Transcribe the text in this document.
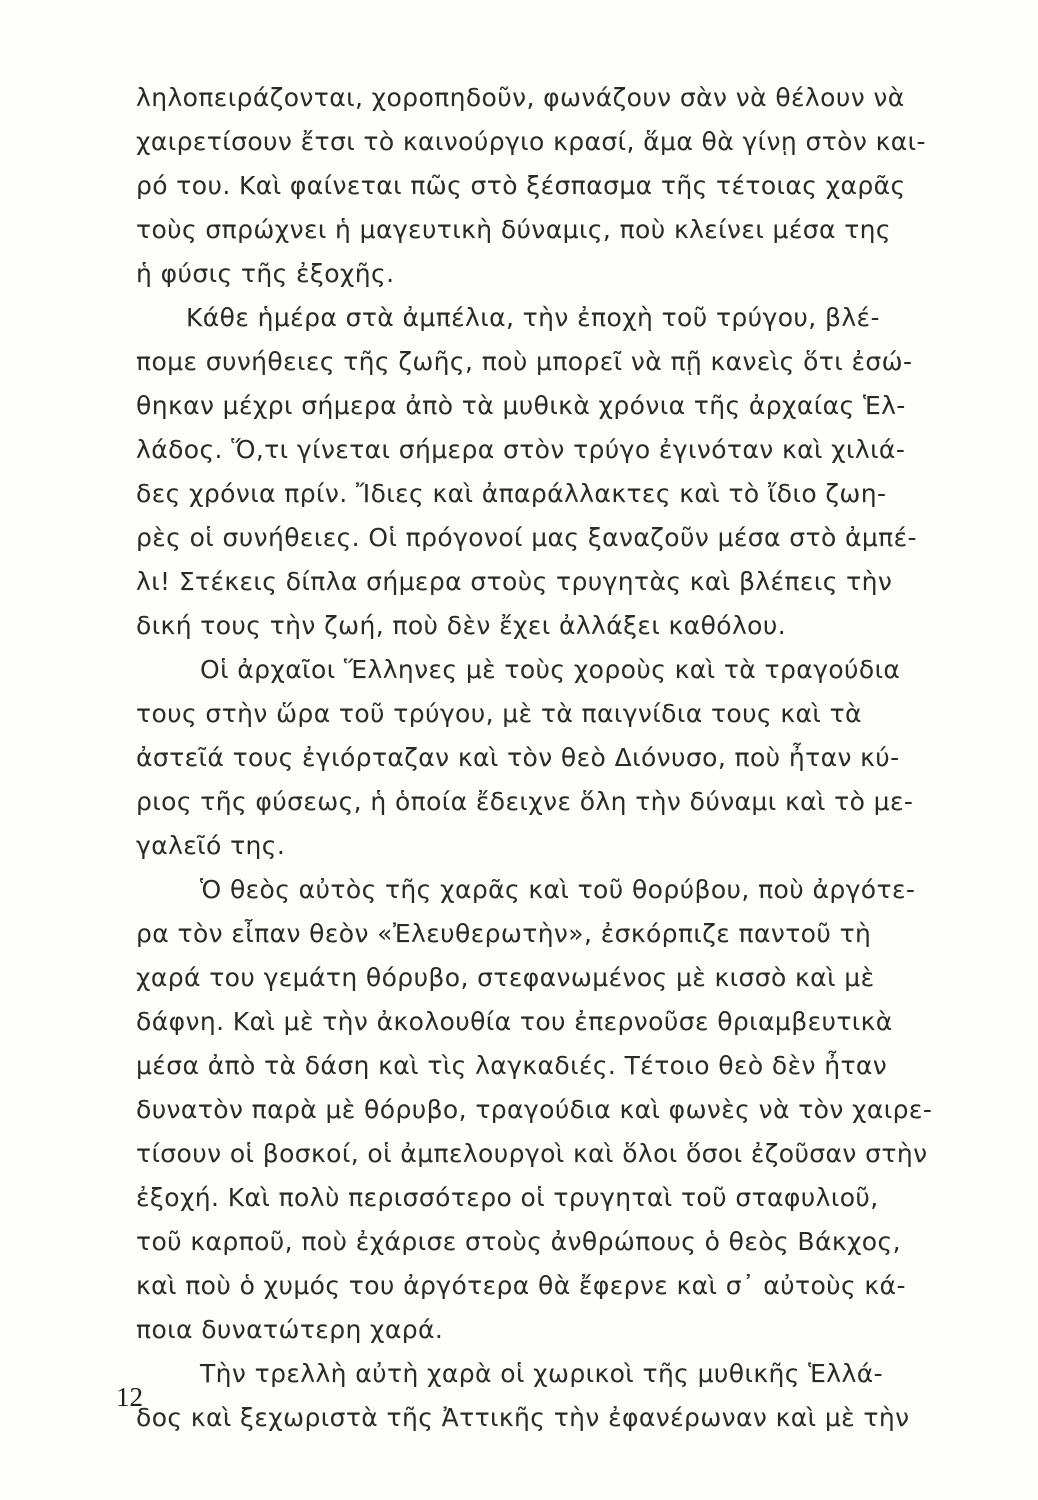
ληλοπειράζονται, χοροπηδοῦν, φωνάζουν σὰν νὰ θέλουν νὰ
χαιρετίσουν ἔτσι τὸ καινούργιο κρασί, ἅμα θὰ γίνῃ στὸν και-
ρό του. Καὶ φαίνεται πῶς στὸ ξέσπασμα τῆς τέτοιας χαρᾶς
τοὺς σπρώχνει ἡ μαγευτικὴ δύναμις, ποὺ κλείνει μέσα της
ἡ φύσις τῆς ἐξοχῆς.
Κάθε ἡμέρα στὰ ἀμπέλια, τὴν ἐποχὴ τοῦ τρύγου, βλέ-
πομε συνήθειες τῆς ζωῆς, ποὺ μπορεῖ νὰ πῇ κανεὶς ὅτι ἐσώ-
θηκαν μέχρι σήμερα ἀπὸ τὰ μυθικὰ χρόνια τῆς ἀρχαίας Ἑλ-
λάδος. Ὅ,τι γίνεται σήμερα στὸν τρύγο ἐγινόταν καὶ χιλιά-
δες χρόνια πρίν. Ἴδιες καὶ ἀπαράλλακτες καὶ τὸ ἴδιο ζωη-
ρὲς οἱ συνήθειες. Οἱ πρόγονοί μας ξαναζοῦν μέσα στὸ ἀμπέ-
λι! Στέκεις δίπλα σήμερα στοὺς τρυγητὰς καὶ βλέπεις τὴν
δική τους τὴν ζωή, ποὺ δὲν ἔχει ἀλλάξει καθόλου.
Οἱ ἀρχαῖοι Ἕλληνες μὲ τοὺς χοροὺς καὶ τὰ τραγούδια
τους στὴν ὥρα τοῦ τρύγου, μὲ τὰ παιγνίδια τους καὶ τὰ
ἀστεῖά τους ἐγιόρταζαν καὶ τὸν θεὸ Διόνυσο, ποὺ ἦταν κύ-
ριος τῆς φύσεως, ἡ ὁποία ἔδειχνε ὅλη τὴν δύναμι καὶ τὸ με-
γαλεῖό της.
Ὁ θεὸς αὐτὸς τῆς χαρᾶς καὶ τοῦ θορύβου, ποὺ ἀργότε-
ρα τὸν εἶπαν θεὸν «Ἐλευθερωτὴν», ἐσκόρπιζε παντοῦ τὴ
χαρά του γεμάτη θόρυβο, στεφανωμένος μὲ κισσὸ καὶ μὲ
δάφνη. Καὶ μὲ τὴν ἀκολουθία του ἐπερνοῦσε θριαμβευτικὰ
μέσα ἀπὸ τὰ δάση καὶ τὶς λαγκαδιές. Τέτοιο θεὸ δὲν ἦταν
δυνατὸν παρὰ μὲ θόρυβο, τραγούδια καὶ φωνὲς νὰ τὸν χαιρε-
τίσουν οἱ βοσκοί, οἱ ἀμπελουργοὶ καὶ ὅλοι ὅσοι ἐζοῦσαν στὴν
ἐξοχή. Καὶ πολὺ περισσότερο οἱ τρυγηταὶ τοῦ σταφυλιοῦ,
τοῦ καρποῦ, ποὺ ἐχάρισε στοὺς ἀνθρώπους ὁ θεὸς Βάκχος,
καὶ ποὺ ὁ χυμός του ἀργότερα θὰ ἔφερνε καὶ σ᾽ αὐτοὺς κά-
ποια δυνατώτερη χαρά.
Τὴν τρελλὴ αὐτὴ χαρὰ οἱ χωρικοὶ τῆς μυθικῆς Ἑλλά-
δος καὶ ξεχωριστὰ τῆς Ἀττικῆς τὴν ἐφανέρωναν καὶ μὲ τὴν
12
